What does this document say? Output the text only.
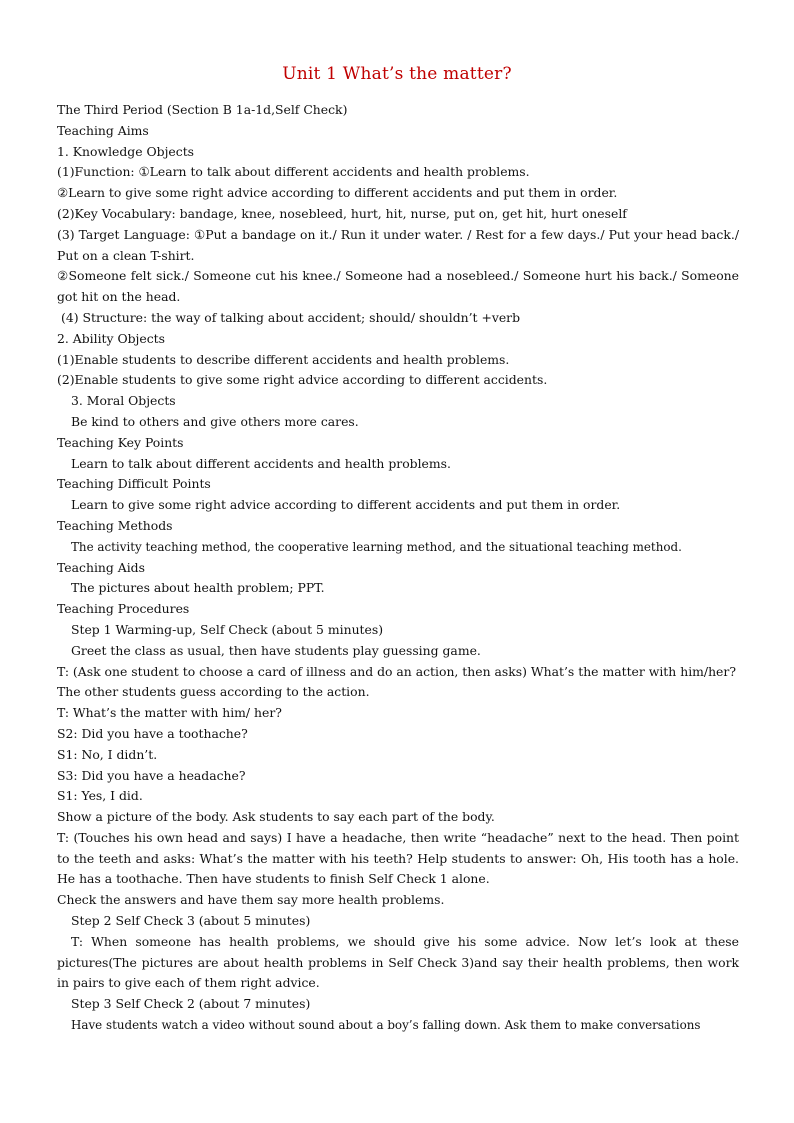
Unit 1 What’s the matter?
The Third Period (Section B 1a-1d,Self Check)
Teaching Aims
1. Knowledge Objects
(1)Function: ①Learn to talk about different accidents and health problems.
②Learn to give some right advice according to different accidents and put them in order.
(2)Key Vocabulary: bandage, knee, nosebleed, hurt, hit, nurse, put on, get hit, hurt oneself
(3) Target Language: ①Put a bandage on it./ Run it under water. / Rest for a few days./ Put your head back./ Put on a clean T-shirt.
②Someone felt sick./ Someone cut his knee./ Someone had a nosebleed./ Someone hurt his back./ Someone got hit on the head.
(4) Structure: the way of talking about accident; should/ shouldn’t +verb
2. Ability Objects
(1)Enable students to describe different accidents and health problems.
(2)Enable students to give some right advice according to different accidents.
3. Moral Objects
Be kind to others and give others more cares.
Teaching Key Points
Learn to talk about different accidents and health problems.
Teaching Difficult Points
Learn to give some right advice according to different accidents and put them in order.
Teaching Methods
The activity teaching method, the cooperative learning method, and the situational teaching method.
Teaching Aids
The pictures about health problem; PPT.
Teaching Procedures
Step 1 Warming-up, Self Check (about 5 minutes)
Greet the class as usual, then have students play guessing game.
T: (Ask one student to choose a card of illness and do an action, then asks) What’s the matter with him/her?
The other students guess according to the action.
T: What’s the matter with him/ her?
S2: Did you have a toothache?
S1: No, I didn’t.
S3: Did you have a headache?
S1: Yes, I did.
Show a picture of the body. Ask students to say each part of the body.
T: (Touches his own head and says) I have a headache, then write “headache” next to the head. Then point to the teeth and asks: What’s the matter with his teeth? Help students to answer: Oh, His tooth has a hole. He has a toothache. Then have students to finish Self Check 1 alone.
Check the answers and have them say more health problems.
Step 2 Self Check 3 (about 5 minutes)
T: When someone has health problems, we should give his some advice. Now let’s look at these pictures(The pictures are about health problems in Self Check 3)and say their health problems, then work in pairs to give each of them right advice.
Step 3 Self Check 2 (about 7 minutes)
Have students watch a video without sound about a boy’s falling down. Ask them to make conversations
